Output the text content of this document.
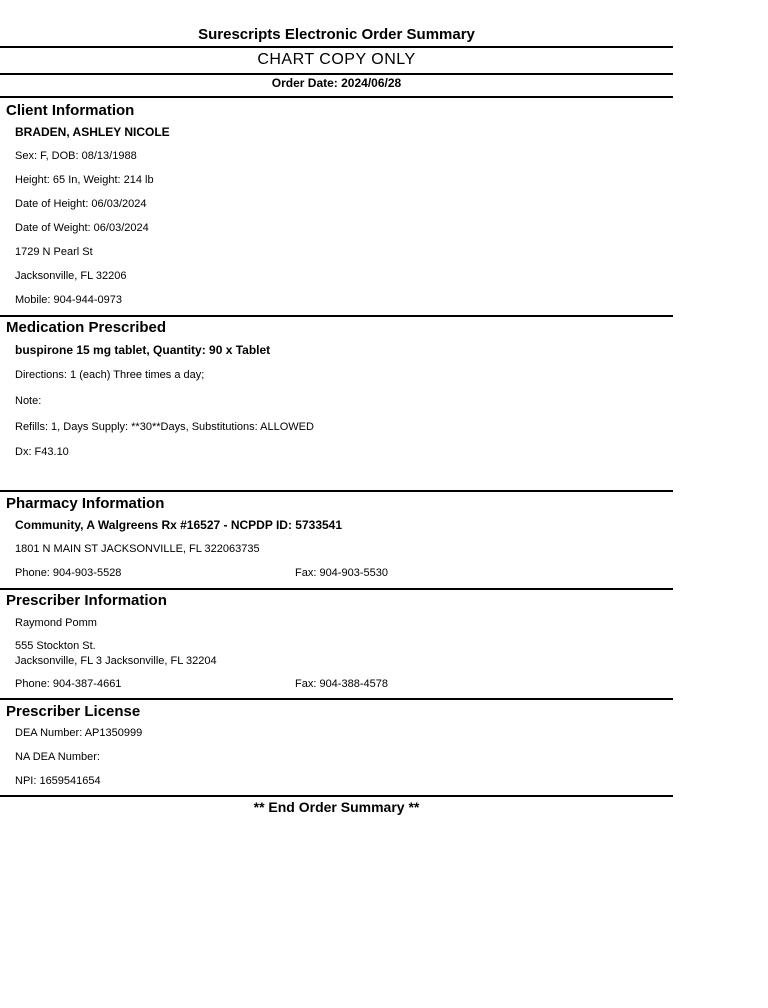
Surescripts Electronic Order Summary
CHART COPY ONLY
Order Date: 2024/06/28
Client Information
BRADEN, ASHLEY NICOLE
Sex: F, DOB: 08/13/1988
Height: 65 In, Weight: 214 lb
Date of Height: 06/03/2024
Date of Weight: 06/03/2024
1729 N Pearl St
Jacksonville, FL 32206
Mobile: 904-944-0973
Medication Prescribed
buspirone 15 mg tablet, Quantity: 90 x Tablet
Directions: 1 (each) Three times a day;
Note:
Refills: 1, Days Supply: **30**Days, Substitutions: ALLOWED
Dx: F43.10
Pharmacy Information
Community, A Walgreens Rx #16527 - NCPDP ID: 5733541
1801 N MAIN ST JACKSONVILLE, FL 322063735
Phone: 904-903-5528	Fax: 904-903-5530
Prescriber Information
Raymond Pomm
555 Stockton St.
Jacksonville, FL 3 Jacksonville, FL 32204
Phone: 904-387-4661	Fax: 904-388-4578
Prescriber License
DEA Number: AP1350999
NA DEA Number:
NPI: 1659541654
** End Order Summary **
